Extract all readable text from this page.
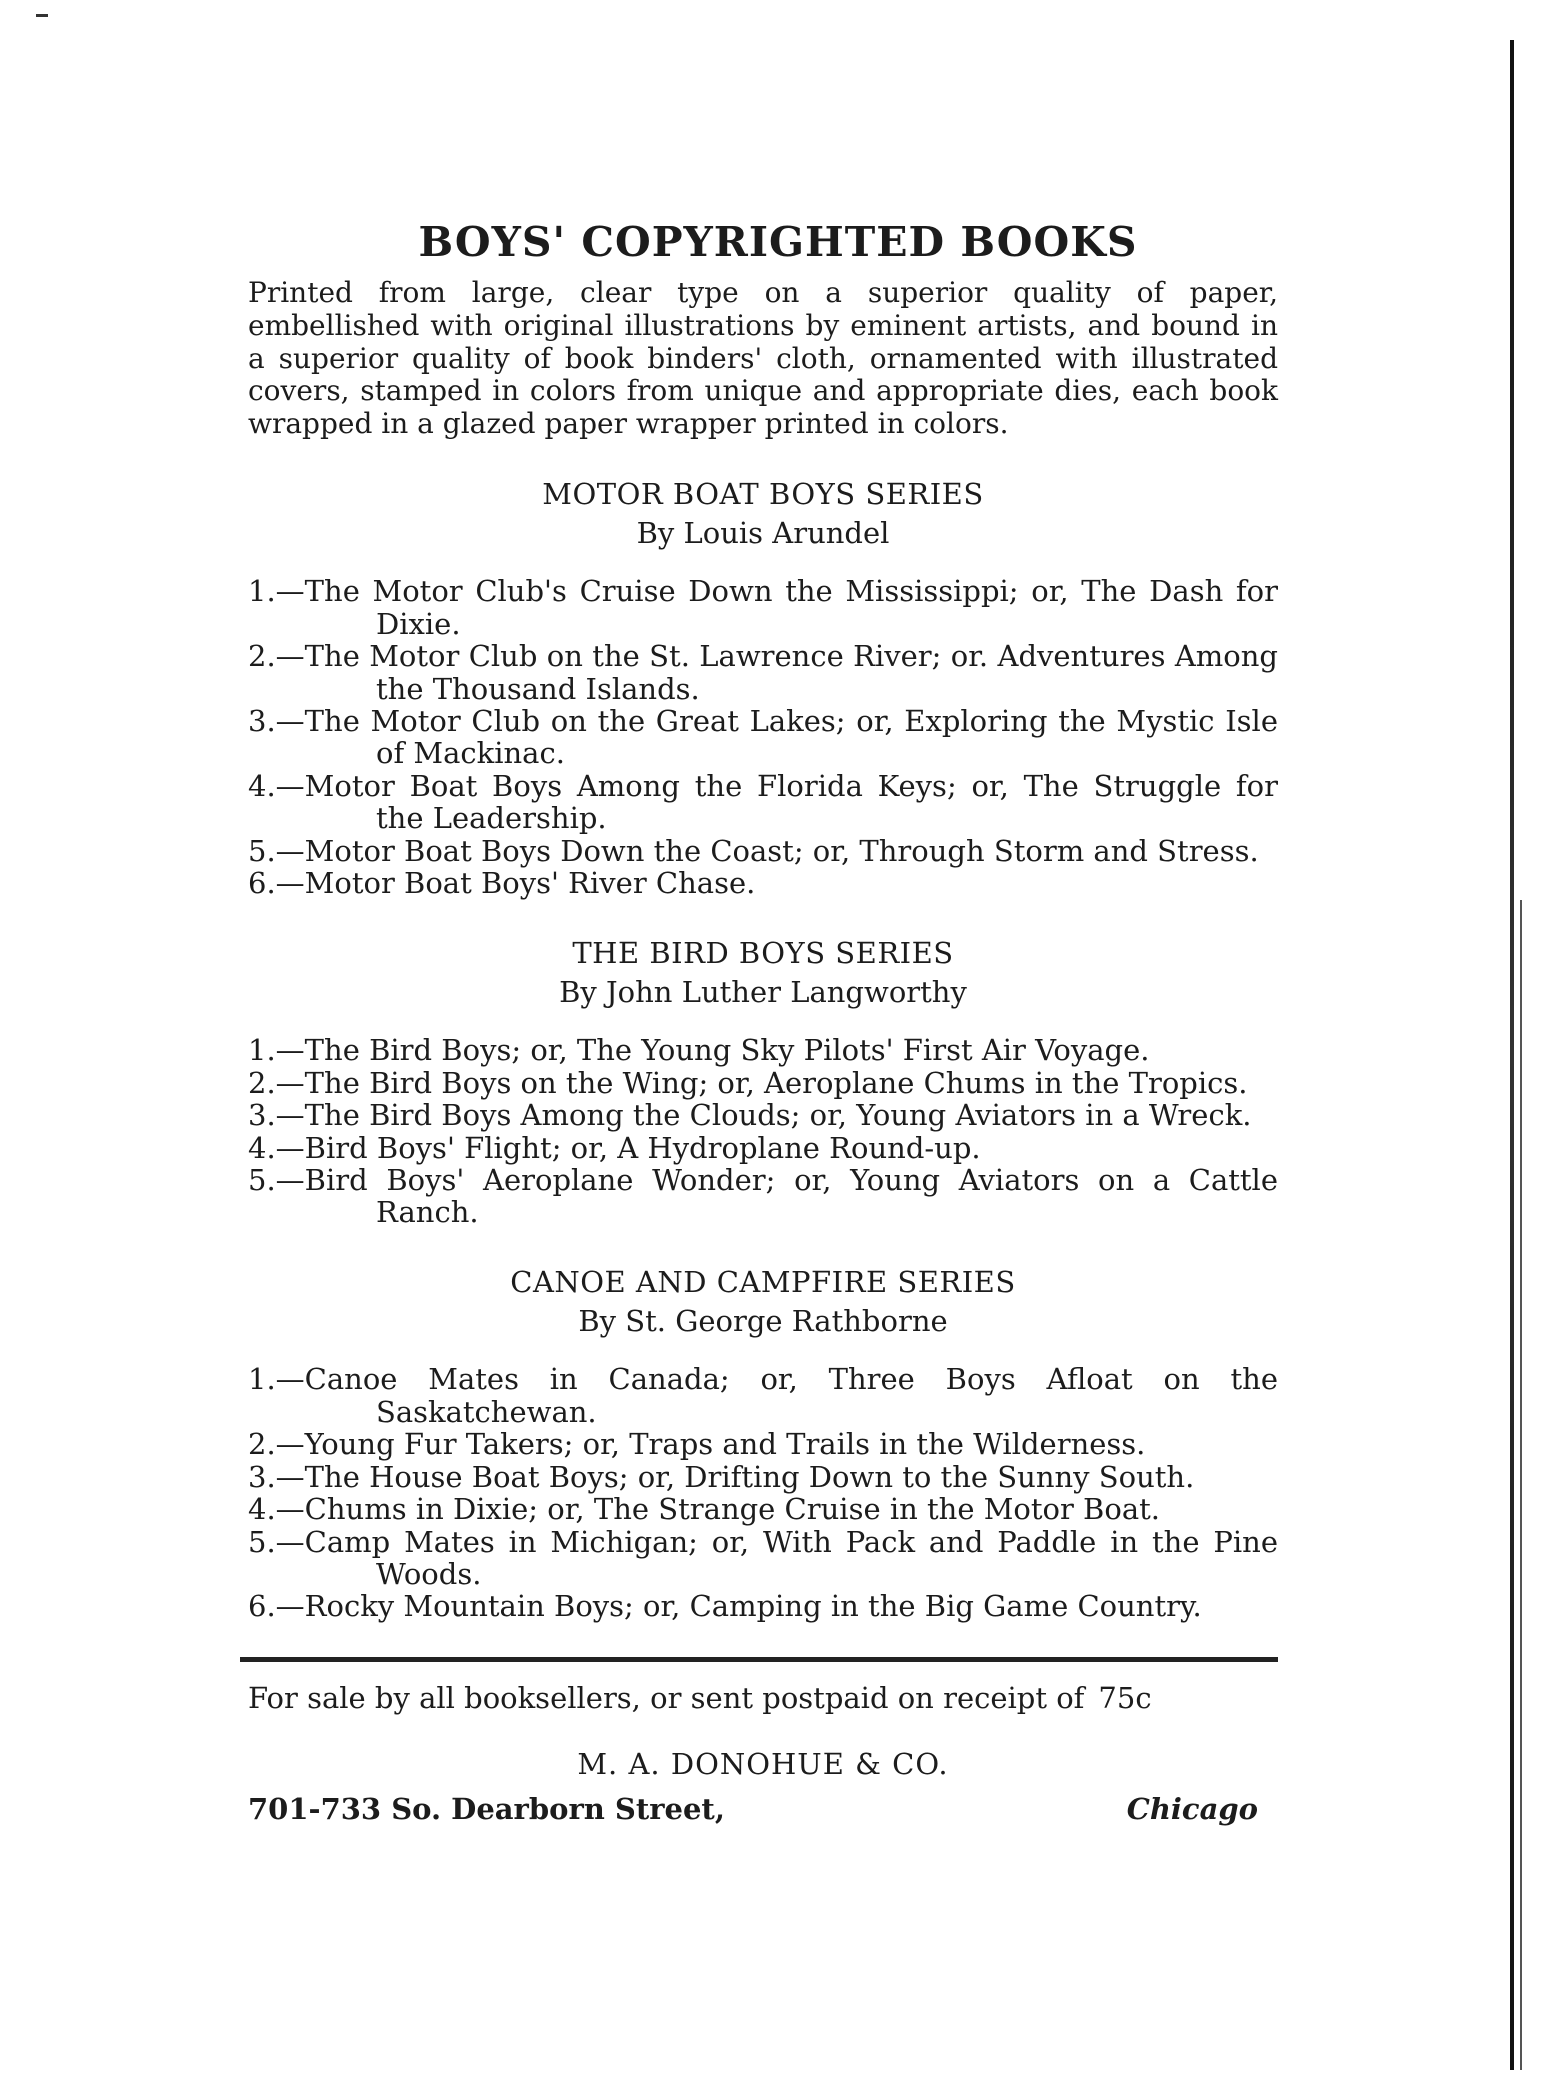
BOYS' COPYRIGHTED BOOKS

Printed from large, clear type on a superior quality of paper, embellished with original illustrations by eminent artists, and bound in a superior quality of book binders' cloth, ornamented with illustrated covers, stamped in colors from unique and appropriate dies, each book wrapped in a glazed paper wrapper printed in colors.

MOTOR BOAT BOYS SERIES
By Louis Arundel
1.—The Motor Club's Cruise Down the Mississippi; or, The Dash for Dixie.
2.—The Motor Club on the St. Lawrence River; or. Adventures Among the Thousand Islands.
3.—The Motor Club on the Great Lakes; or, Exploring the Mystic Isle of Mackinac.
4.—Motor Boat Boys Among the Florida Keys; or, The Struggle for the Leadership.
5.—Motor Boat Boys Down the Coast; or, Through Storm and Stress.
6.—Motor Boat Boys' River Chase.
THE BIRD BOYS SERIES
By John Luther Langworthy
1.—The Bird Boys; or, The Young Sky Pilots' First Air Voyage.
2.—The Bird Boys on the Wing; or, Aeroplane Chums in the Tropics.
3.—The Bird Boys Among the Clouds; or, Young Aviators in a Wreck.
4.—Bird Boys' Flight; or, A Hydroplane Round-up.
5.—Bird Boys' Aeroplane Wonder; or, Young Aviators on a Cattle Ranch.
CANOE AND CAMPFIRE SERIES
By St. George Rathborne
1.—Canoe Mates in Canada; or, Three Boys Afloat on the Saskatchewan.
2.—Young Fur Takers; or, Traps and Trails in the Wilderness.
3.—The House Boat Boys; or, Drifting Down to the Sunny South.
4.—Chums in Dixie; or, The Strange Cruise in the Motor Boat.
5.—Camp Mates in Michigan; or, With Pack and Paddle in the Pine Woods.
6.—Rocky Mountain Boys; or, Camping in the Big Game Country.
For sale by all booksellers, or sent postpaid on receipt of 75c
M. A. DONOHUE & CO.
701-733 So. Dearborn Street,	Chicago
